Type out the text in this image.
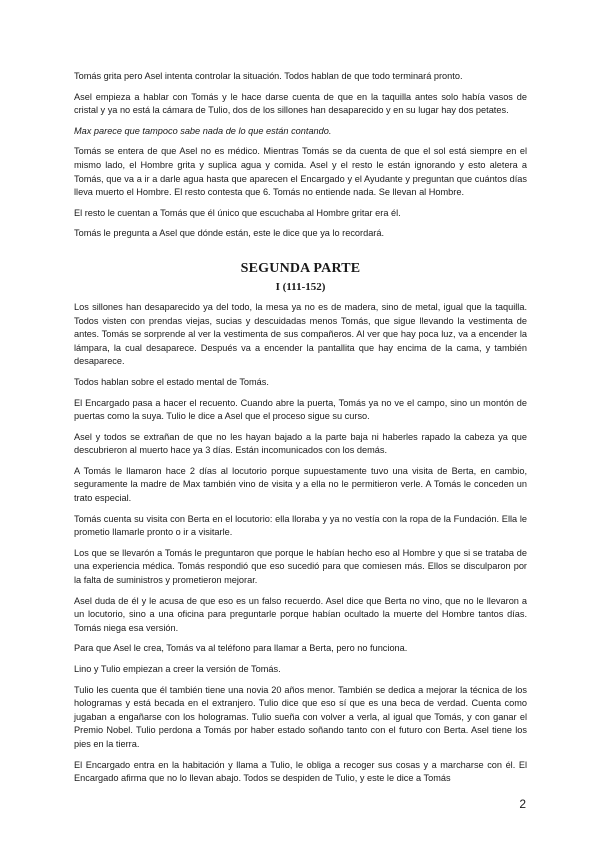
Tomás grita pero Asel intenta controlar la situación. Todos hablan de que todo terminará pronto.

Asel empieza a hablar con Tomás y le hace darse cuenta de que en la taquilla antes solo había vasos de cristal y ya no está la cámara de Tulio, dos de los sillones han desaparecido y en su lugar hay dos petates.

Max parece que tampoco sabe nada de lo que están contando.

Tomás se entera de que Asel no es médico. Mientras Tomás se da cuenta de que el sol está siempre en el mismo lado, el Hombre grita y suplica agua y comida. Asel y el resto le están ignorando y esto aletera a Tomás, que va a ir a darle agua hasta que aparecen el Encargado y el Ayudante y preguntan que cuántos días lleva muerto el Hombre. El resto contesta que 6. Tomás no entiende nada. Se llevan al Hombre.

El resto le cuentan a Tomás que él único que escuchaba al Hombre gritar era él.

Tomás le pregunta a Asel que dónde están, este le dice que ya lo recordará.

SEGUNDA PARTE
I (111-152)

Los sillones han desaparecido ya del todo, la mesa ya no es de madera, sino de metal, igual que la taquilla. Todos visten con prendas viejas, sucias y descuidadas menos Tomás, que sigue llevando la vestimenta de antes. Tomás se sorprende al ver la vestimenta de sus compañeros. Al ver que hay poca luz, va a encender la lámpara, la cual desaparece. Después va a encender la pantallita que hay encima de la cama, y también desaparece.

Todos hablan sobre el estado mental de Tomás.

El Encargado pasa a hacer el recuento. Cuando abre la puerta, Tomás ya no ve el campo, sino un montón de puertas como la suya. Tulio le dice a Asel que el proceso sigue su curso.

Asel y todos se extrañan de que no les hayan bajado a la parte baja ni haberles rapado la cabeza ya que descubrieron al muerto hace ya 3 días. Están incomunicados con los demás.

A Tomás le llamaron hace 2 días al locutorio porque supuestamente tuvo una visita de Berta, en cambio, seguramente la madre de Max también vino de visita y a ella no le permitieron verle. A Tomás le conceden un trato especial.

Tomás cuenta su visita con Berta en el locutorio: ella lloraba y ya no vestía con la ropa de la Fundación. Ella le prometio llamarle pronto o ir a visitarle.

Los que se llevarón a Tomás le preguntaron que porque le habían hecho eso al Hombre y que si se trataba de una experiencia médica. Tomás respondió que eso sucedió para que comiesen más. Ellos se disculparon por la falta de suministros y prometieron mejorar.

Asel duda de él y le acusa de que eso es un falso recuerdo. Asel dice que Berta no vino, que no le llevaron a un locutorio, sino a una oficina para preguntarle porque habían ocultado la muerte del Hombre tantos días. Tomás niega esa versión.

Para que Asel le crea, Tomás va al teléfono para llamar a Berta, pero no funciona.

Lino y Tulio empiezan a creer la versión de Tomás.

Tulio les cuenta que él también tiene una novia 20 años menor. También se dedica a mejorar la técnica de los hologramas y está becada en el extranjero. Tulio dice que eso sí que es una beca de verdad. Cuenta como jugaban a engañarse con los hologramas. Tulio sueña con volver a verla, al igual que Tomás, y con ganar el Premio Nobel. Tulio perdona a Tomás por haber estado soñando tanto con el futuro con Berta. Asel tiene los pies en la tierra.

El Encargado entra en la habitación y llama a Tulio, le obliga a recoger sus cosas y a marcharse con él. El Encargado afirma que no lo llevan abajo. Todos se despiden de Tulio, y este le dice a Tomás

2
